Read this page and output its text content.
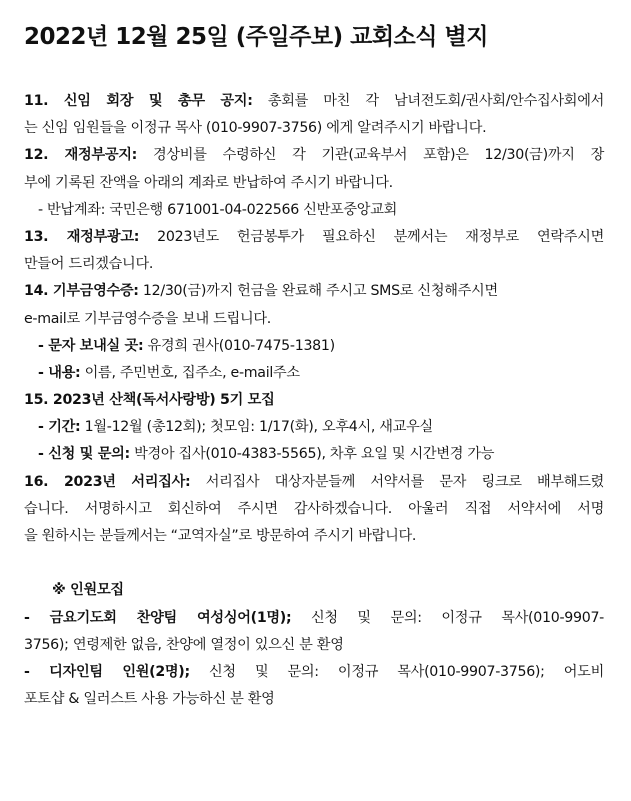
2022년 12월 25일 (주일주보) 교회소식 별지
11. 신임 회장 및 총무 공지: 총회를 마친 각 남녀전도회/권사회/안수집사회에서
는 신임 임원들을 이정규 목사 (010-9907-3756) 에게 알려주시기 바랍니다.
12. 재정부공지: 경상비를 수령하신 각 기관(교육부서 포함)은 12/30(금)까지 장
부에 기록된 잔액을 아래의 계좌로 반납하여 주시기 바랍니다.
- 반납계좌: 국민은행 671001-04-022566 신반포중앙교회
13. 재정부광고: 2023년도 헌금봉투가 필요하신 분께서는 재정부로 연락주시면
만들어 드리겠습니다.
14. 기부금영수증: 12/30(금)까지 헌금을 완료해 주시고 SMS로 신청해주시면
e-mail로 기부금영수증을 보내 드립니다.
- 문자 보내실 곳: 유경희 권사(010-7475-1381)
- 내용: 이름, 주민번호, 집주소, e-mail주소
15. 2023년 산책(독서사랑방) 5기 모집
- 기간: 1월-12월 (총12회); 첫모임: 1/17(화), 오후4시, 새교우실
- 신청 및 문의: 박경아 집사(010-4383-5565), 차후 요일 및 시간변경 가능
16. 2023년 서리집사: 서리집사 대상자분들께 서약서를 문자 링크로 배부해드렸
습니다. 서명하시고 회신하여 주시면 감사하겠습니다. 아울러 직접 서약서에 서명
을 원하시는 분들께서는 “교역자실”로 방문하여 주시기 바랍니다.
※ 인원모집
- 금요기도회 찬양팀 여성싱어(1명); 신청 및 문의: 이정규 목사(010-9907-
3756); 연령제한 없음, 찬양에 열정이 있으신 분 환영
- 디자인팀 인원(2명); 신청 및 문의: 이정규 목사(010-9907-3756); 어도비
포토샵 & 일러스트 사용 가능하신 분 환영
